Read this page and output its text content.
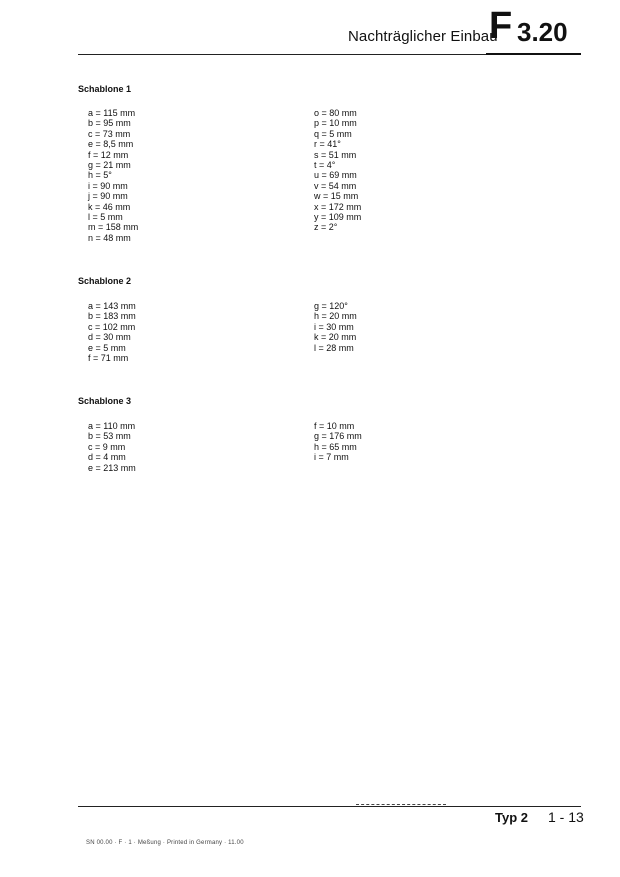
Nachträglicher Einbau
F 3.20
Schablone 1
a = 115 mm
b = 95 mm
c = 73 mm
e = 8,5 mm
f = 12 mm
g = 21 mm
h = 5°
i = 90 mm
j = 90 mm
k = 46 mm
l = 5 mm
m = 158 mm
n = 48 mm
o = 80 mm
p = 10 mm
q = 5 mm
r = 41°
s = 51 mm
t = 4°
u = 69 mm
v = 54 mm
w = 15 mm
x = 172 mm
y = 109 mm
z = 2°
Schablone 2
a = 143 mm
b = 183 mm
c = 102 mm
d = 30 mm
e = 5 mm
f = 71 mm
g = 120°
h = 20 mm
i = 30 mm
k = 20 mm
l = 28 mm
Schablone 3
a = 110 mm
b = 53 mm
c = 9 mm
d = 4 mm
e = 213 mm
f = 10 mm
g = 176 mm
h = 65 mm
i = 7 mm
Typ 2 1 - 13
SN 00.00 · F · 1 · Meßung · Printed in Germany · 11.00
